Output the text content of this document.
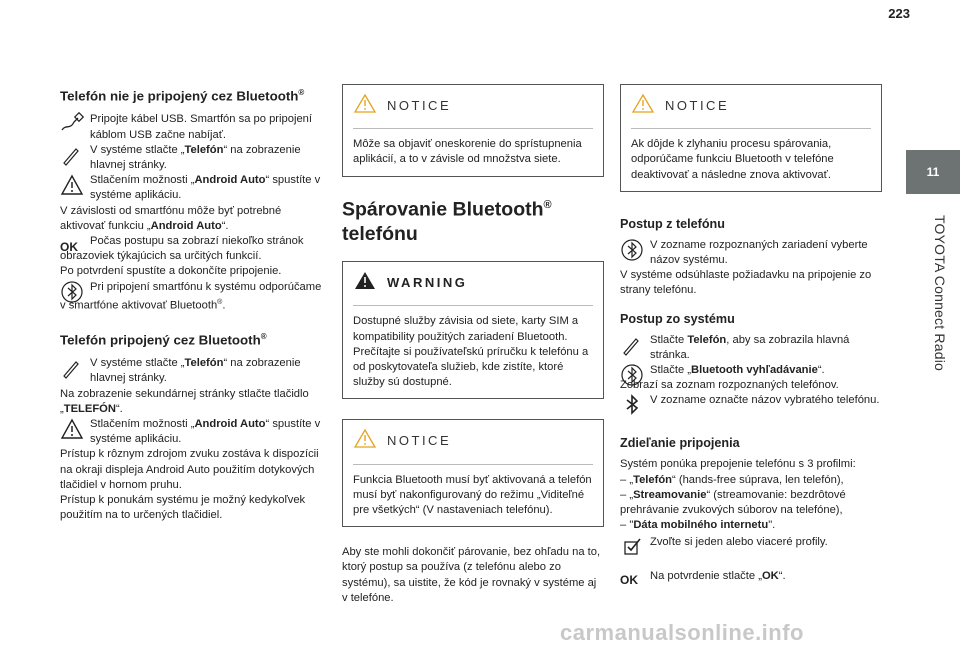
223
11
TOYOTA Connect Radio
Telefón nie je pripojený cez Bluetooth®

Pripojte kábel USB. Smartfón sa po pripojení káblom USB začne nabíjať.

V systéme stlačte „Telefón“ na zobrazenie hlavnej stránky.

Stlačením možnosti „Android Auto“ spustíte v systéme aplikáciu.

V závislosti od smartfónu môže byť potrebné aktivovať funkciu „Android Auto“.

OK	Počas postupu sa zobrazí niekoľko stránok obrazoviek týkajúcich sa určitých funkcií.

Po potvrdení spustíte a dokončíte pripojenie.

Pri pripojení smartfónu k systému odporúčame v smartfóne aktivovať Bluetooth®.

Telefón pripojený cez Bluetooth®

V systéme stlačte „Telefón“ na zobrazenie hlavnej stránky.

Na zobrazenie sekundárnej stránky stlačte tlačidlo „TELEFÓN“.

Stlačením možnosti „Android Auto“ spustíte v systéme aplikáciu.

Prístup k rôznym zdrojom zvuku zostáva k dispozícii na okraji displeja Android Auto použitím dotykových tlačidiel v hornom pruhu.

Prístup k ponukám systému je možný kedykoľvek použitím na to určených tlačidiel.

NOTICE

Môže sa objaviť oneskorenie do sprístupnenia aplikácií, a to v závisle od množstva siete.

Spárovanie Bluetooth®
telefónu
WARNING

Dostupné služby závisia od siete, karty SIM a kompatibility použitých zariadení Bluetooth. Prečítajte si používateľskú príručku k telefónu a od poskytovateľa služieb, kde zistíte, ktoré služby sú dostupné.

NOTICE

Funkcia Bluetooth musí byť aktivovaná a telefón musí byť nakonfigurovaný do režimu „Viditeľné pre všetkých“ (V nastaveniach telefónu).

Aby ste mohli dokončiť párovanie, bez ohľadu na to, ktorý postup sa používa (z telefónu alebo zo systému), sa uistite, že kód je rovnaký v systéme aj v telefóne.

NOTICE

Ak dôjde k zlyhaniu procesu spárovania, odporúčame funkciu Bluetooth v telefóne deaktivovať a následne znova aktivovať.

Postup z telefónu

V zozname rozpoznaných zariadení vyberte názov systému.

V systéme odsúhlaste požiadavku na pripojenie zo strany telefónu.

Postup zo systému

Stlačte Telefón, aby sa zobrazila hlavná stránka.

Stlačte „Bluetooth vyhľadávanie“.
Zobrazí sa zoznam rozpoznaných telefónov.

V zozname označte názov vybratého telefónu.

Zdieľanie pripojenia

Systém ponúka prepojenie telefónu s 3 profilmi:

– „Telefón“ (hands-free súprava, len telefón),

– „Streamovanie“ (streamovanie: bezdrôtové prehrávanie zvukových súborov na telefóne),

– "Dáta mobilného internetu".

Zvoľte si jeden alebo viaceré profily.

OK	Na potvrdenie stlačte „OK“.

carmanualsonline.info
